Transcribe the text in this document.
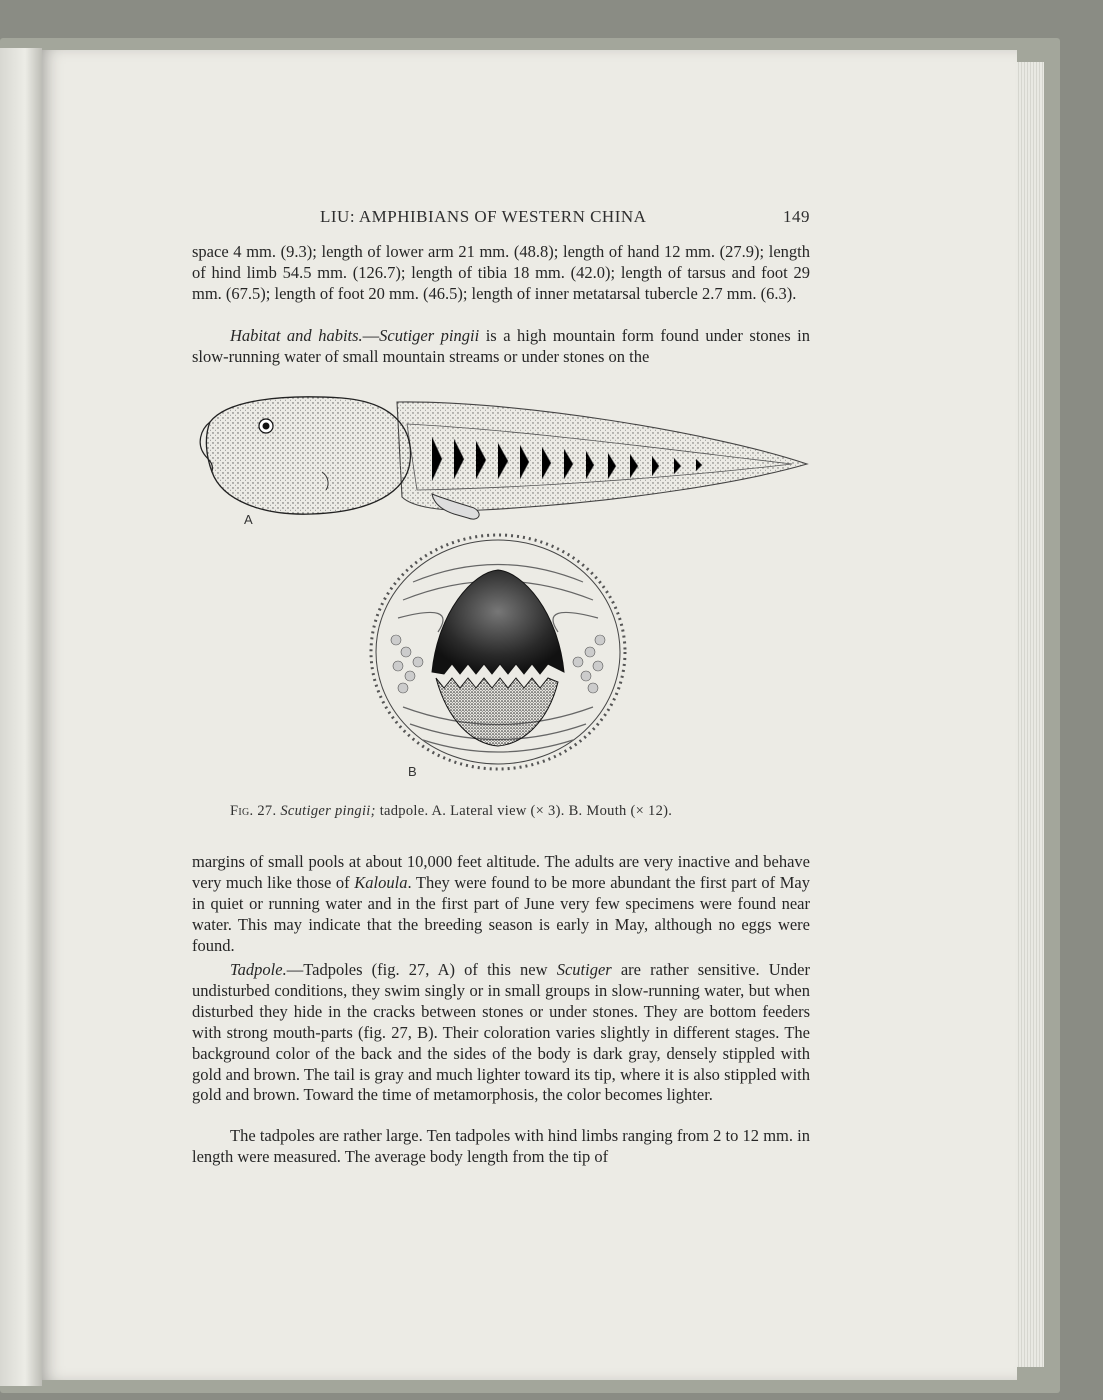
LIU: AMPHIBIANS OF WESTERN CHINA	149

space 4 mm. (9.3); length of lower arm 21 mm. (48.8); length of hand 12 mm. (27.9); length of hind limb 54.5 mm. (126.7); length of tibia 18 mm. (42.0); length of tarsus and foot 29 mm. (67.5); length of foot 20 mm. (46.5); length of inner metatarsal tubercle 2.7 mm. (6.3).

Habitat and habits.—Scutiger pingii is a high mountain form found under stones in slow-running water of small mountain streams or under stones on the

A
B
Fig. 27. Scutiger pingii; tadpole. A. Lateral view (× 3). B. Mouth (× 12).

margins of small pools at about 10,000 feet altitude. The adults are very inactive and behave very much like those of Kaloula. They were found to be more abundant the first part of May in quiet or running water and in the first part of June very few specimens were found near water. This may indicate that the breeding season is early in May, although no eggs were found.

Tadpole.—Tadpoles (fig. 27, A) of this new Scutiger are rather sensitive. Under undisturbed conditions, they swim singly or in small groups in slow-running water, but when disturbed they hide in the cracks between stones or under stones. They are bottom feeders with strong mouth-parts (fig. 27, B). Their coloration varies slightly in different stages. The background color of the back and the sides of the body is dark gray, densely stippled with gold and brown. The tail is gray and much lighter toward its tip, where it is also stippled with gold and brown. Toward the time of metamorphosis, the color becomes lighter.

The tadpoles are rather large. Ten tadpoles with hind limbs ranging from 2 to 12 mm. in length were measured. The average body length from the tip of
